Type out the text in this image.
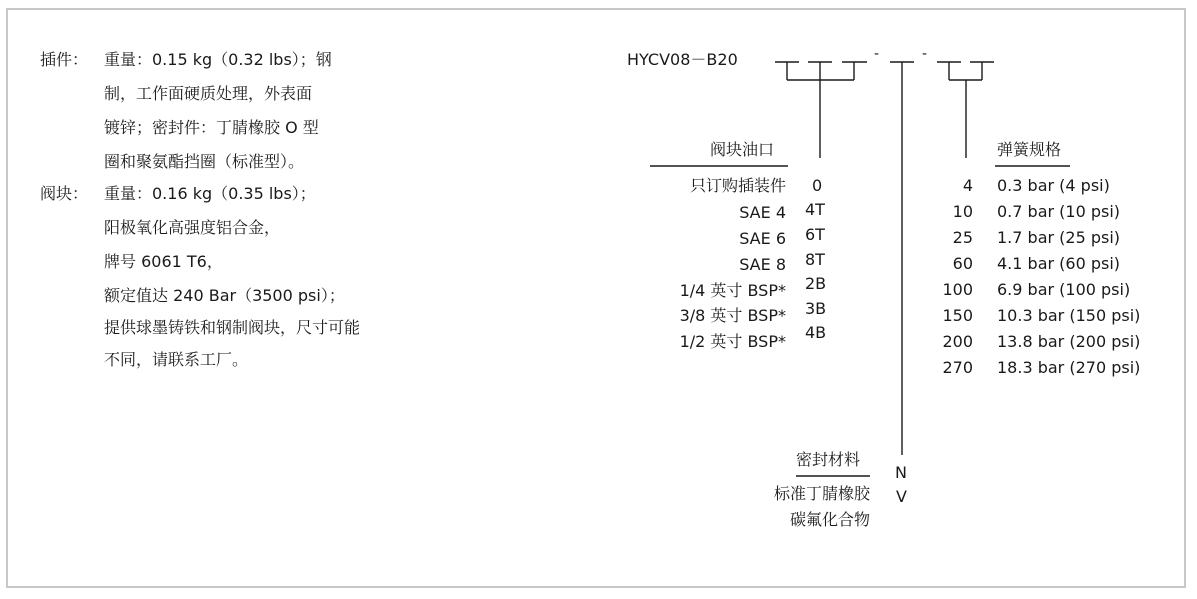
插件： 重量：0.15 kg（0.32 lbs）；钢
制，工作面硬质处理，外表面
镀锌；密封件：丁腈橡胶 O 型
圈和聚氨酯挡圈（标准型）。
阀块： 重量：0.16 kg（0.35 lbs）；
阳极氧化高强度铝合金，
牌号 6061 T6，
额定值达 240 Bar（3500 psi）；
提供球墨铸铁和钢制阀块，尺寸可能
不同，请联系工厂。
HYCV08－B20	-	-
阀块油口
只订购插装件
SAE 4
SAE 6
SAE 8
1/4 英寸 BSP*
3/8 英寸 BSP*
1/2 英寸 BSP*
0
4T
6T
8T
2B
3B
4B
弹簧规格
4
10
25
60
100
150
200
270
0.3 bar (4 psi)
0.7 bar (10 psi)
1.7 bar (25 psi)
4.1 bar (60 psi)
6.9 bar (100 psi)
10.3 bar (150 psi)
13.8 bar (200 psi)
18.3 bar (270 psi)
密封材料
标准丁腈橡胶
碳氟化合物
N
V
